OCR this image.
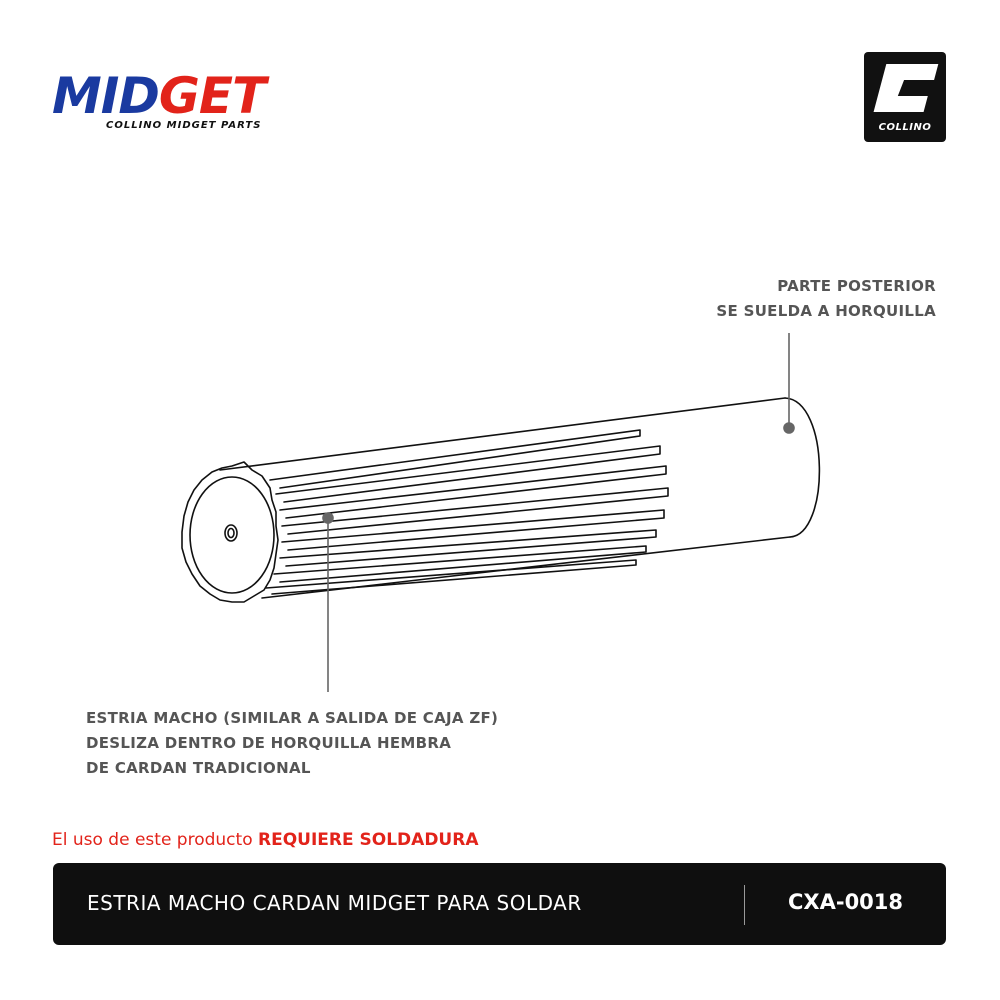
MIDGET
COLLINO MIDGET PARTS	COLLINO
PARTE POSTERIOR
SE SUELDA A HORQUILLA
ESTRIA MACHO (SIMILAR A SALIDA DE CAJA ZF)
DESLIZA DENTRO DE HORQUILLA HEMBRA
DE CARDAN TRADICIONAL
El uso de este producto REQUIERE SOLDADURA
ESTRIA MACHO CARDAN MIDGET PARA SOLDAR	CXA-0018
